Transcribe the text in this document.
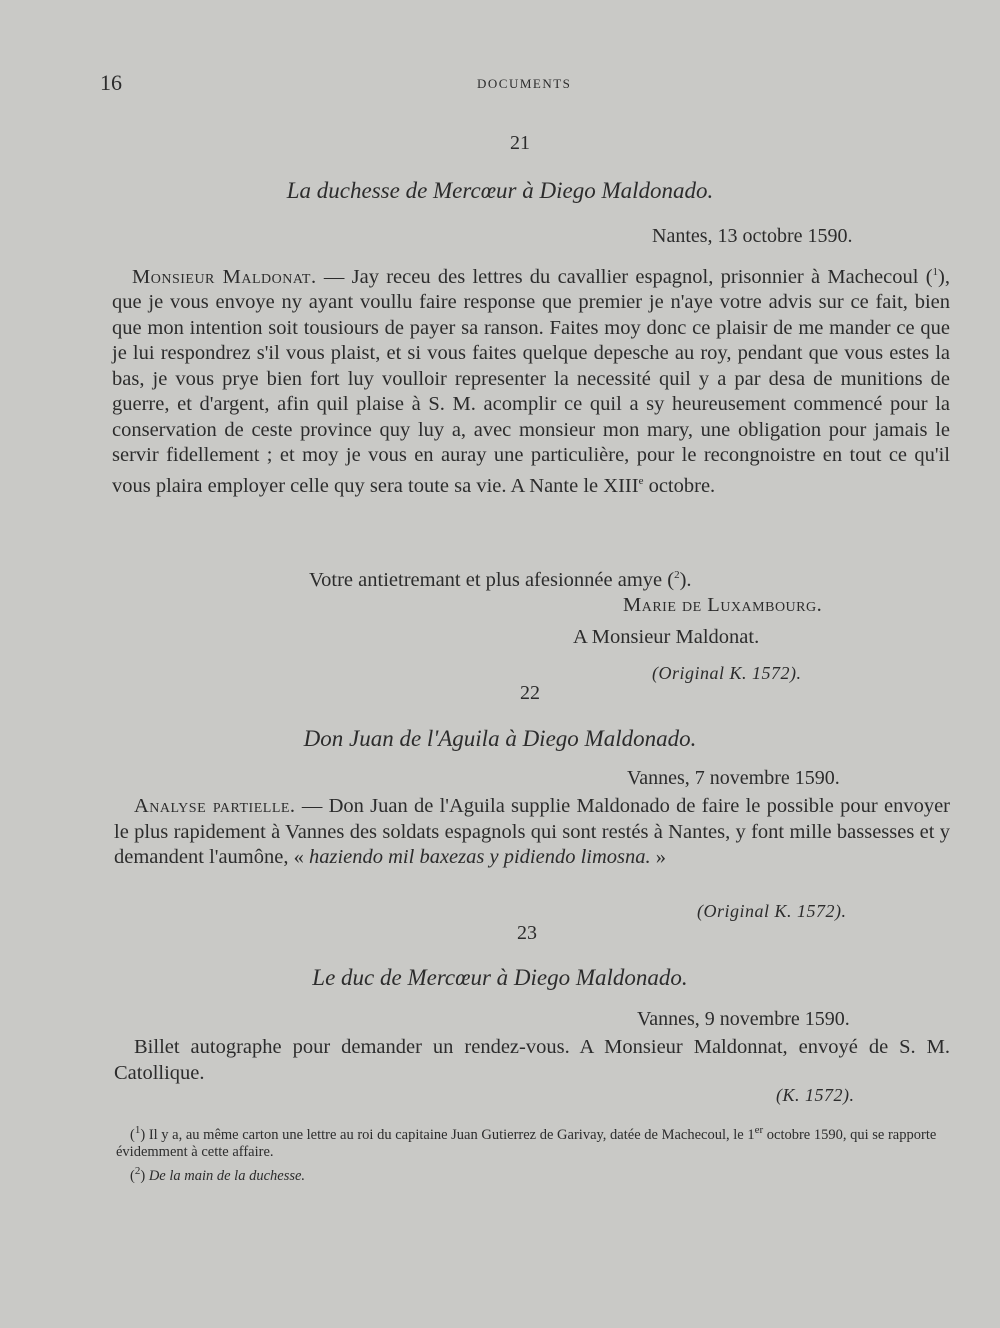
16	DOCUMENTS
21
La duchesse de Mercœur à Diego Maldonado.
Nantes, 13 octobre 1590.
Monsieur Maldonat. — Jay receu des lettres du cavallier espagnol, prisonnier à Machecoul ($^1$), que je vous envoye ny ayant voullu faire response que premier je n'aye votre advis sur ce fait, bien que mon intention soit tousiours de payer sa ranson. Faites moy donc ce plaisir de me mander ce que je lui respondrez s'il vous plaist, et si vous faites quelque depesche au roy, pendant que vous estes la bas, je vous prye bien fort luy voulloir representer la necessité quil y a par desa de munitions de guerre, et d'argent, afin quil plaise à S. M. acomplir ce quil a sy heureusement commencé pour la conservation de ceste province quy luy a, avec monsieur mon mary, une obligation pour jamais le servir fidellement ; et moy je vous en auray une particulière, pour le recongnoistre en tout ce qu'il vous plaira employer celle quy sera toute sa vie. A Nante le XIIIe octobre.
Votre antietremant et plus afesionnée amye ($^2$).
Marie de Luxambourg.
A Monsieur Maldonat.
(Original K. 1572).
22
Don Juan de l'Aguila à Diego Maldonado.
Vannes, 7 novembre 1590.
Analyse partielle. — Don Juan de l'Aguila supplie Maldonado de faire le possible pour envoyer le plus rapidement à Vannes des soldats espagnols qui sont restés à Nantes, y font mille bassesses et y demandent l'aumône, « haziendo mil baxezas y pidiendo limosna. »
(Original K. 1572).
23
Le duc de Mercœur à Diego Maldonado.
Vannes, 9 novembre 1590.
Billet autographe pour demander un rendez-vous. A Monsieur Maldonnat, envoyé de S. M. Catollique.
(K. 1572).
($^1$) Il y a, au même carton une lettre au roi du capitaine Juan Gutierrez de Garivay, datée de Machecoul, le 1er octobre 1590, qui se rapporte évidemment à cette affaire.
($^2$) De la main de la duchesse.
